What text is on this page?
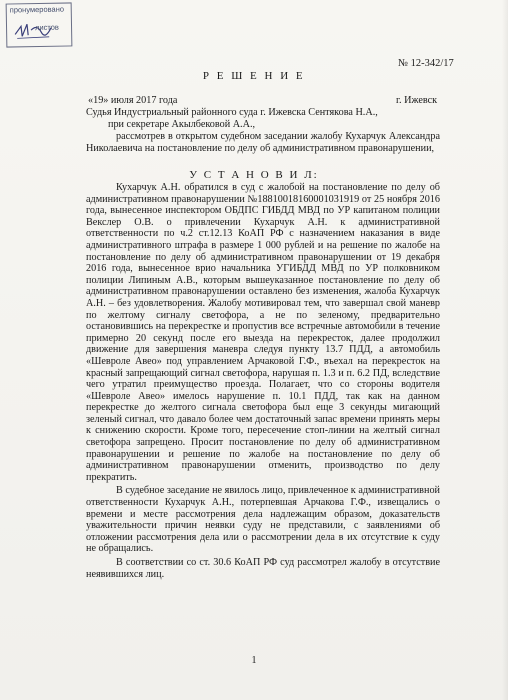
пронумеровано
листов
№ 12-342/17
Р Е Ш Е Н И Е
«19» июля 2017 года	г. Ижевск
Судья Индустриальный районного суда г. Ижевска Сентякова Н.А.,
при секретаре Акылбековой А.А.,

рассмотрев в открытом судебном заседании жалобу Кухарчук Александра Николаевича на постановление по делу об административном правонарушении,

У С Т А Н О В И Л:

Кухарчук А.Н. обратился в суд с жалобой на постановление по делу об административном правонарушении №18810018160001031919 от 25 ноября 2016 года, вынесенное инспектором ОБДПС ГИБДД МВД по УР капитаном полиции Векслер О.В. о привлечении Кухарчук А.Н. к административной ответственности по ч.2 ст.12.13 КоАП РФ с назначением наказания в виде административного штрафа в размере 1 000 рублей и на решение по жалобе на постановление по делу об административном правонарушении от 19 декабря 2016 года, вынесенное врио начальника УГИБДД МВД по УР полковником полиции Липиным А.В., которым вышеуказанное постановление по делу об административном правонарушении оставлено без изменения, жалоба Кухарчук А.Н. – без удовлетворения. Жалобу мотивировал тем, что завершал свой маневр по желтому сигналу светофора, а не по зеленому, предварительно остановившись на перекрестке и пропустив все встречные автомобили в течение примерно 20 секунд после его выезда на перекресток, далее продолжил движение для завершения маневра следуя пункту 13.7 ПДД, а автомобиль «Шевроле Авео» под управлением Арчаковой Г.Ф., въехал на перекресток на красный запрещающий сигнал светофора, нарушая п. 1.3 и п. 6.2 ПД, вследствие чего утратил преимущество проезда. Полагает, что со стороны водителя «Шевроле Авео» имелось нарушение п. 10.1 ПДД, так как на данном перекрестке до желтого сигнала светофора был еще 3 секунды мигающий зеленый сигнал, что давало более чем достаточный запас времени принять меры к снижению скорости. Кроме того, пересечение стоп-линии на желтый сигнал светофора запрещено. Просит постановление по делу об административном правонарушении и решение по жалобе на постановление по делу об административном правонарушении отменить, производство по делу прекратить.

В судебное заседание не явилось лицо, привлеченное к административной ответственности Кухарчук А.Н., потерпевшая Арчакова Г.Ф., извещались о времени и месте рассмотрения дела надлежащим образом, доказательств уважительности причин неявки суду не представили, с заявлениями об отложении рассмотрения дела или о рассмотрении дела в их отсутствие к суду не обращались.

В соответствии со ст. 30.6 КоАП РФ суд рассмотрел жалобу в отсутствие неявившихся лиц.

1
